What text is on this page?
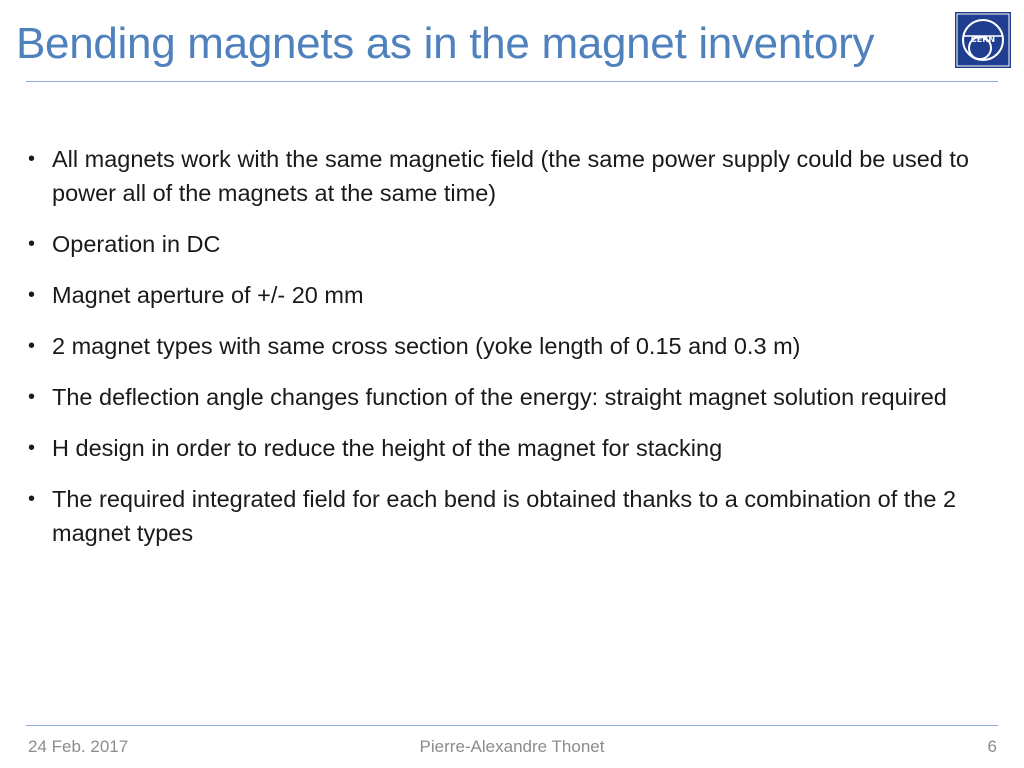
Bending magnets as in the magnet inventory	CERN
• All magnets work with the same magnetic field (the same power supply could be used to power all of the magnets at the same time)
• Operation in DC
• Magnet aperture of +/- 20 mm
• 2 magnet types with same cross section (yoke length of 0.15 and 0.3 m)
• The deflection angle changes function of the energy: straight magnet solution required
• H design in order to reduce the height of the magnet for stacking
• The required integrated field for each bend is obtained thanks to a combination of the 2 magnet types
24 Feb. 2017	Pierre-Alexandre Thonet	6
